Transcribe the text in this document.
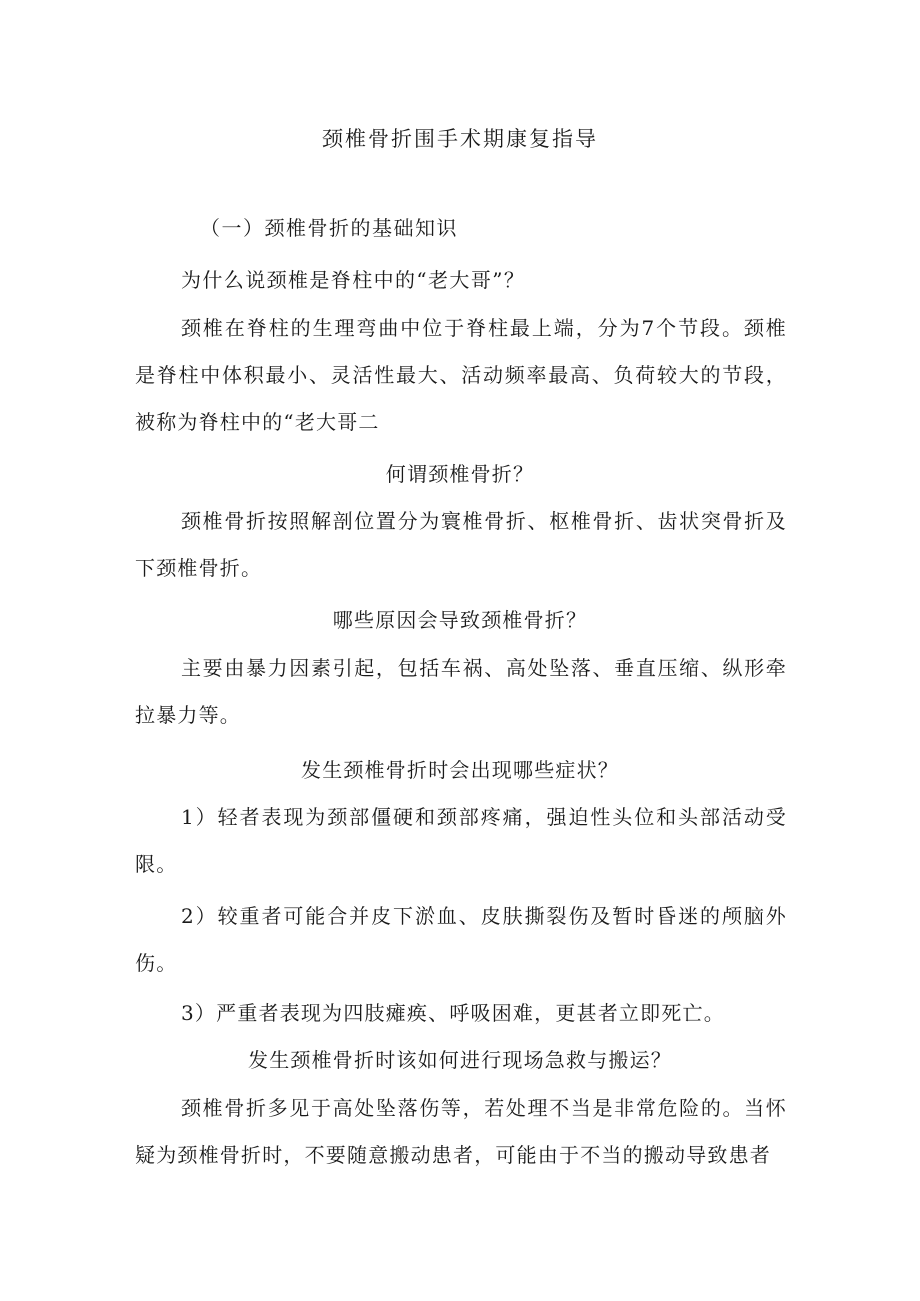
颈椎骨折围手术期康复指导
（一）颈椎骨折的基础知识
为什么说颈椎是脊柱中的“老大哥”？
颈椎在脊柱的生理弯曲中位于脊柱最上端，分为7个节段。颈椎是脊柱中体积最小、灵活性最大、活动频率最高、负荷较大的节段，被称为脊柱中的“老大哥二
何谓颈椎骨折？
颈椎骨折按照解剖位置分为寰椎骨折、枢椎骨折、齿状突骨折及下颈椎骨折。
哪些原因会导致颈椎骨折？
主要由暴力因素引起，包括车祸、高处坠落、垂直压缩、纵形牵拉暴力等。
发生颈椎骨折时会出现哪些症状？
1）轻者表现为颈部僵硬和颈部疼痛，强迫性头位和头部活动受限。
2）较重者可能合并皮下淤血、皮肤撕裂伤及暂时昏迷的颅脑外伤。
3）严重者表现为四肢瘫痪、呼吸困难，更甚者立即死亡。
发生颈椎骨折时该如何进行现场急救与搬运？
颈椎骨折多见于高处坠落伤等，若处理不当是非常危险的。当怀疑为颈椎骨折时，不要随意搬动患者，可能由于不当的搬动导致患者
